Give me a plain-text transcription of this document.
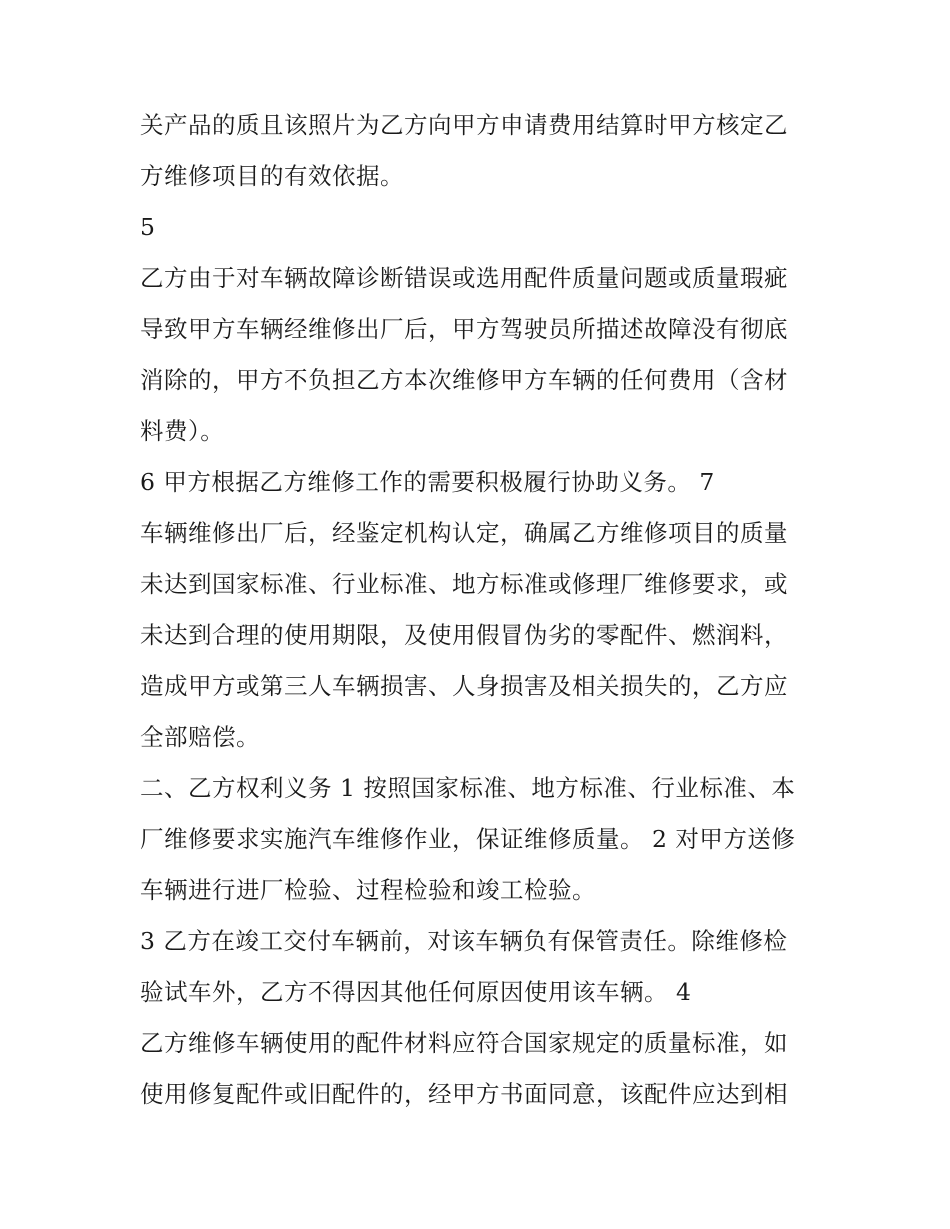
关产品的质且该照片为乙方向甲方申请费用结算时甲方核定乙
方维修项目的有效依据。
5
乙方由于对车辆故障诊断错误或选用配件质量问题或质量瑕疵
导致甲方车辆经维修出厂后，甲方驾驶员所描述故障没有彻底
消除的，甲方不负担乙方本次维修甲方车辆的任何费用（含材
料费）。
6 甲方根据乙方维修工作的需要积极履行协助义务。 7
车辆维修出厂后，经鉴定机构认定，确属乙方维修项目的质量
未达到国家标准、行业标准、地方标准或修理厂维修要求，或
未达到合理的使用期限，及使用假冒伪劣的零配件、燃润料，
造成甲方或第三人车辆损害、人身损害及相关损失的，乙方应
全部赔偿。
二、乙方权利义务 1 按照国家标准、地方标准、行业标准、本
厂维修要求实施汽车维修作业，保证维修质量。 2 对甲方送修
车辆进行进厂检验、过程检验和竣工检验。
3 乙方在竣工交付车辆前，对该车辆负有保管责任。除维修检
验试车外，乙方不得因其他任何原因使用该车辆。 4
乙方维修车辆使用的配件材料应符合国家规定的质量标准，如
使用修复配件或旧配件的，经甲方书面同意，该配件应达到相
